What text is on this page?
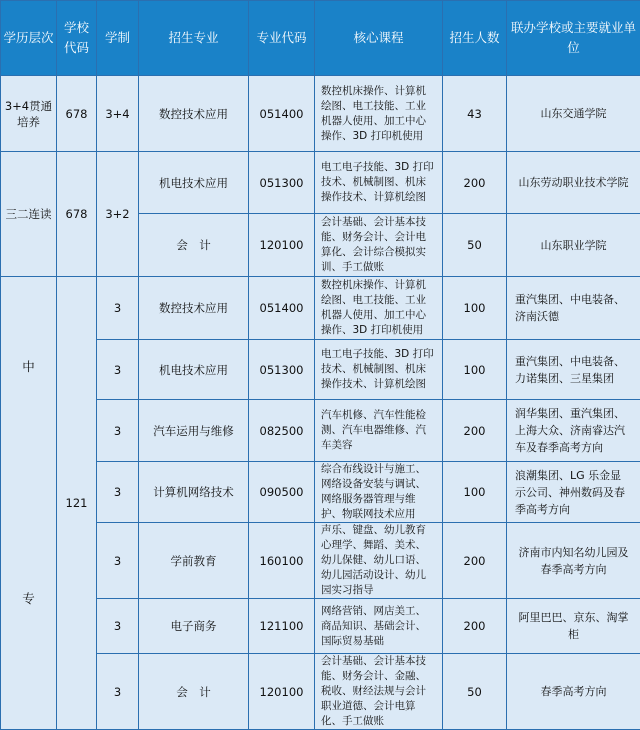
学历层次	学校代码	学制	招生专业	专业代码	核心课程	招生人数	联办学校或主要就业单位
3+4贯通培养	678	3+4	数控技术应用	051400	数控机床操作、计算机绘图、电工技能、工业机器人使用、加工中心操作、3D 打印机使用	43	山东交通学院
三二连读	678	3+2	机电技术应用	051300	电工电子技能、3D 打印技术、机械制图、机床操作技术、计算机绘图	200	山东劳动职业技术学院
			会　计	120100	会计基础、会计基本技能、财务会计、会计电算化、会计综合模拟实训、手工做账	50	山东职业学院

中
专	121	3	数控技术应用	051400	数控机床操作、计算机绘图、电工技能、工业机器人使用、加工中心操作、3D 打印机使用	100	重汽集团、中电装备、济南沃德
		3	机电技术应用	051300	电工电子技能、3D 打印技术、机械制图、机床操作技术、计算机绘图	100	重汽集团、中电装备、力诺集团、三星集团
		3	汽车运用与维修	082500	汽车机修、汽车性能检测、汽车电器维修、汽车美容	200	润华集团、重汽集团、上海大众、济南睿达汽车及春季高考方向
		3	计算机网络技术	090500	综合布线设计与施工、网络设备安装与调试、网络服务器管理与维护、物联网技术应用	100	浪潮集团、LG 乐金显示公司、神州数码及春季高考方向
		3	学前教育	160100	声乐、键盘、幼儿教育心理学、舞蹈、美术、幼儿保健、幼儿口语、幼儿园活动设计、幼儿园实习指导	200	济南市内知名幼儿园及春季高考方向
		3	电子商务	121100	网络营销、网店美工、商品知识、基础会计、国际贸易基础	200	阿里巴巴、京东、淘掌柜
		3	会　计	120100	会计基础、会计基本技能、财务会计、金融、税收、财经法规与会计职业道德、会计电算化、手工做账	50	春季高考方向
